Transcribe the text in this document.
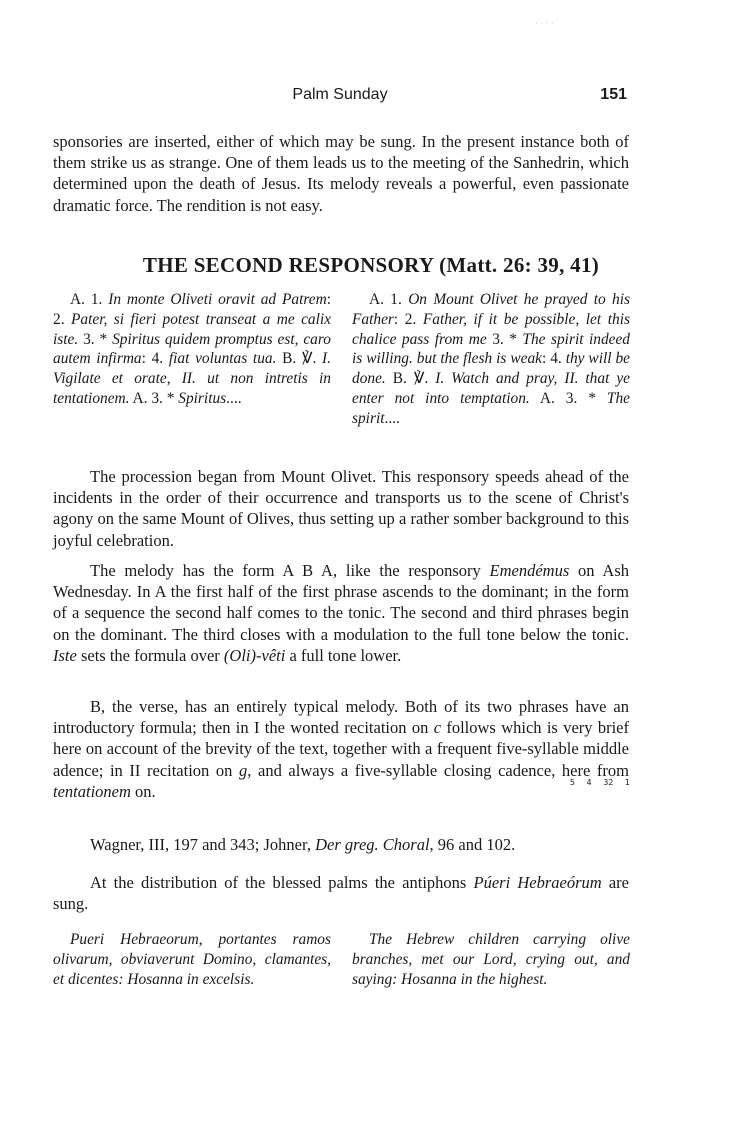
· · · ·
Palm Sunday	151

sponsories are inserted, either of which may be sung. In the present instance both of them strike us as strange. One of them leads us to the meeting of the Sanhedrin, which determined upon the death of Jesus. Its melody reveals a powerful, even passionate dramatic force. The rendition is not easy.

THE SECOND RESPONSORY (Matt. 26: 39, 41)

A. 1. In monte Oliveti oravit ad Patrem: 2. Pater, si fieri potest transeat a me calix iste. 3. * Spiritus quidem promptus est, caro autem infirma: 4. fiat voluntas tua. B. ℣. I. Vigilate et orate, II. ut non intretis in tentationem. A. 3. * Spiritus....

A. 1. On Mount Olivet he prayed to his Father: 2. Father, if it be possible, let this chalice pass from me 3. * The spirit indeed is willing. but the flesh is weak: 4. thy will be done. B. ℣. I. Watch and pray, II. that ye enter not into temptation. A. 3. * The spirit....

The procession began from Mount Olivet. This responsory speeds ahead of the incidents in the order of their occurrence and transports us to the scene of Christ's agony on the same Mount of Olives, thus setting up a rather somber background to this joyful celebration.

The melody has the form A B A, like the responsory Emendémus on Ash Wednesday. In A the first half of the first phrase ascends to the dominant; in the form of a sequence the second half comes to the tonic. The second and third phrases begin on the dominant. The third closes with a modulation to the full tone below the tonic. Iste sets the formula over (Oli)-vêti a full tone lower.

B, the verse, has an entirely typical melody. Both of its two phrases have an introductory formula; then in I the wonted recitation on c follows which is very brief here on account of the brevity of the text, together with a frequent five-syllable middle adence; in II recitation on g, and always a five-syllable closing cadence, here from tentationem on.	5 4 32 1

Wagner, III, 197 and 343; Johner, Der greg. Choral, 96 and 102.

At the distribution of the blessed palms the antiphons Púeri Hebraeórum are sung.

Pueri Hebraeorum, portantes ramos olivarum, obviaverunt Domino, clamantes, et dicentes: Hosanna in excelsis.

The Hebrew children carrying olive branches, met our Lord, crying out, and saying: Hosanna in the highest.
